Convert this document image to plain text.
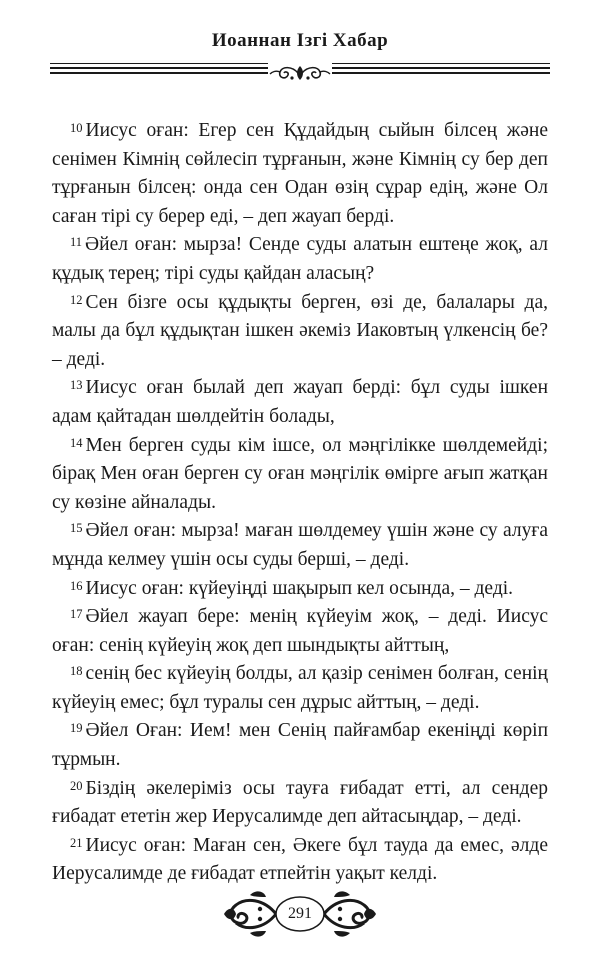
Иоаннан Ізгі Хабар

$^{10}$ Иисус оған: Егер сен Құдайдың сыйын білсең және сенімен Кімнің сөйлесіп тұрғанын, және Кімнің су бер деп тұрғанын білсең: онда сен Одан өзің сұрар едің, және Ол саған тірі су берер еді, – деп жауап берді.

$^{11}$ Әйел оған: мырза! Сенде суды алатын ештеңе жоқ, ал құдық терең; тірі суды қайдан аласың?

$^{12}$ Сен бізге осы құдықты берген, өзі де, балалары да, малы да бұл құдықтан ішкен әкеміз Иаковтың үлкенсің бе? – деді.

$^{13}$ Иисус оған былай деп жауап берді: бұл суды ішкен адам қайтадан шөлдейтін болады,

$^{14}$ Мен берген суды кім ішсе, ол мәңгілікке шөлдемейді; бірақ Мен оған берген су оған мәңгілік өмірге ағып жатқан су көзіне айналады.

$^{15}$ Әйел оған: мырза! маған шөлдемеу үшін және су алуға мұнда келмеу үшін осы суды берші, – деді.

$^{16}$ Иисус оған: күйеуіңді шақырып кел осында, – деді.

$^{17}$ Әйел жауап бере: менің күйеуім жоқ, – деді. Иисус оған: сенің күйеуің жоқ деп шындықты айттың,

$^{18}$ сенің бес күйеуің болды, ал қазір сенімен болған, сенің күйеуің емес; бұл туралы сен дұрыс айттың, – деді.

$^{19}$ Әйел Оған: Ием! мен Сенің пайғамбар екеніңді көріп тұрмын.

$^{20}$ Біздің әкелеріміз осы тауға ғибадат етті, ал сендер ғибадат ететін жер Иерусалимде деп айтасыңдар, – деді.

$^{21}$ Иисус оған: Маған сен, Әкеге бұл тауда да емес, әлде Иерусалимде де ғибадат етпейтін уақыт келді.

291
